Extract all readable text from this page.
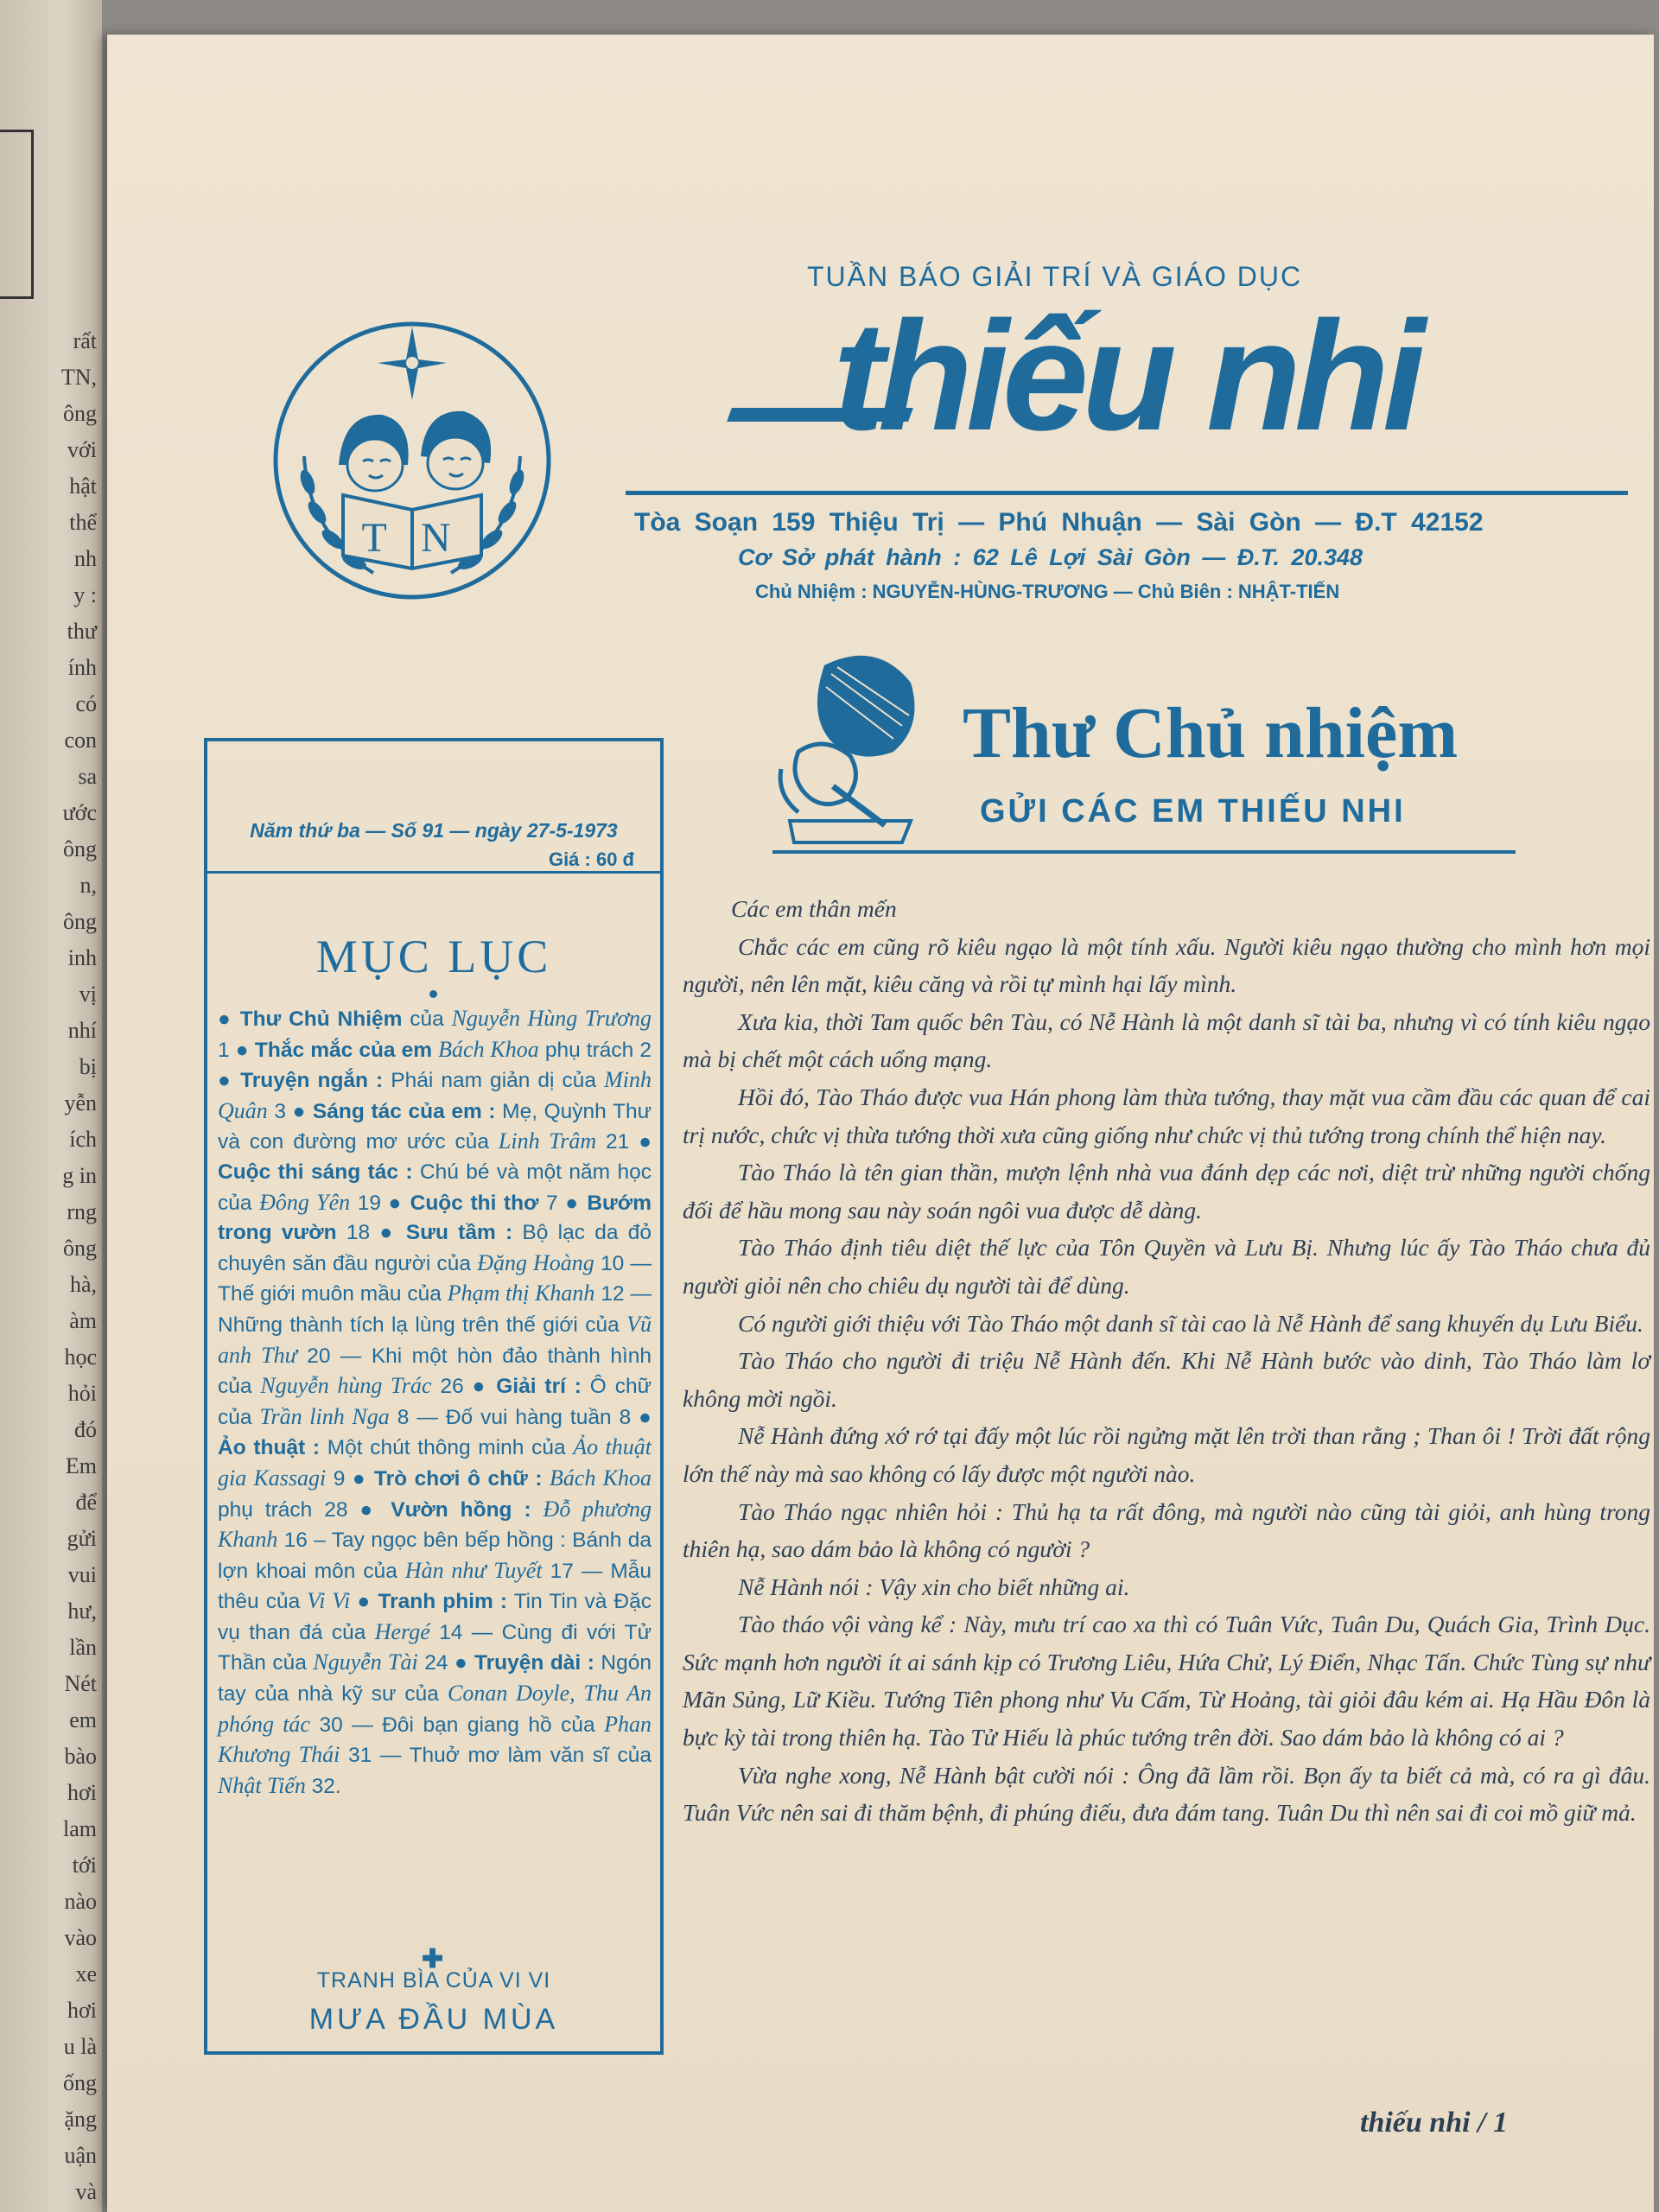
rất
TN,
ông
với
hật
thể
nh
y :
thư
ính
có
con
sa
ước
ông
n,
ông
inh
vị
nhí
bị
yễn
ích
g in
rng
ông
hà,
àm
học
hỏi
đó
Em
để
gửi
vui
hư,
lần
Nét
em
bào
hơi
lam
tới
nào
vào
xe
hơi
u là
ống
ặng
uận
và
T N
TUẦN BÁO GIẢI TRÍ VÀ GIÁO DỤC
thiếu nhi
Tòa Soạn 159 Thiệu Trị — Phú Nhuận — Sài Gòn — Đ.T 42152
Cơ Sở phát hành : 62 Lê Lợi Sài Gòn — Đ.T. 20.348
Chủ Nhiệm : NGUYỄN-HÙNG-TRƯƠNG — Chủ Biên : NHẬT-TIẾN
Thư Chủ nhiệm
GỬI CÁC EM THIẾU NHI
Năm thứ ba — Số 91 — ngày 27-5-1973
Giá : 60 đ
MỤC LỤC
● Thư Chủ Nhiệm của Nguyễn Hùng Trương 1 ● Thắc mắc của em Bách Khoa phụ trách 2 ● Truyện ngắn : Phái nam giản dị của Minh Quân 3 ● Sáng tác của em : Mẹ, Quỳnh Thư và con đường mơ ước của Linh Trâm 21 ● Cuộc thi sáng tác : Chú bé và một năm học của Đông Yên 19 ● Cuộc thi thơ 7 ● Bướm trong vườn 18 ● Sưu tầm : Bộ lạc da đỏ chuyên săn đầu người của Đặng Hoàng 10 — Thế giới muôn mầu của Phạm thị Khanh 12 — Những thành tích lạ lùng trên thế giới của Vũ anh Thư 20 — Khi một hòn đảo thành hình của Nguyễn hùng Trác 26 ● Giải trí : Ô chữ của Trần linh Nga 8 — Đố vui hàng tuần 8 ● Ảo thuật : Một chút thông minh của Ảo thuật gia Kassagi 9 ● Trò chơi ô chữ : Bách Khoa phụ trách 28 ● Vườn hồng : Đỗ phương Khanh 16 – Tay ngọc bên bếp hồng : Bánh da lợn khoai môn của Hàn như Tuyết 17 — Mẫu thêu của Vi Vi ● Tranh phim : Tin Tin và Đặc vụ than đá của Hergé 14 — Cùng đi với Tử Thần của Nguyễn Tài 24 ● Truyện dài : Ngón tay của nhà kỹ sư của Conan Doyle, Thu An phóng tác 30 — Đôi bạn giang hồ của Phan Khương Thái 31 — Thuở mơ làm văn sĩ của Nhật Tiến 32.
✚
TRANH BÌA CỦA VI VI
MƯA ĐẦU MÙA

Các em thân mến

Chắc các em cũng rõ kiêu ngạo là một tính xấu. Người kiêu ngạo thường cho mình hơn mọi người, nên lên mặt, kiêu căng và rồi tự mình hại lấy mình.

Xưa kia, thời Tam quốc bên Tàu, có Nễ Hành là một danh sĩ tài ba, nhưng vì có tính kiêu ngạo mà bị chết một cách uổng mạng.

Hồi đó, Tào Tháo được vua Hán phong làm thừa tướng, thay mặt vua cầm đầu các quan để cai trị nước, chức vị thừa tướng thời xưa cũng giống như chức vị thủ tướng trong chính thể hiện nay.

Tào Tháo là tên gian thần, mượn lệnh nhà vua đánh dẹp các nơi, diệt trừ những người chống đối để hầu mong sau này soán ngôi vua được dễ dàng.

Tào Tháo định tiêu diệt thế lực của Tôn Quyền và Lưu Bị. Nhưng lúc ấy Tào Tháo chưa đủ người giỏi nên cho chiêu dụ người tài để dùng.

Có người giới thiệu với Tào Tháo một danh sĩ tài cao là Nễ Hành để sang khuyến dụ Lưu Biểu.

Tào Tháo cho người đi triệu Nễ Hành đến. Khi Nễ Hành bước vào dinh, Tào Tháo làm lơ không mời ngồi.

Nễ Hành đứng xớ rớ tại đấy một lúc rồi ngửng mặt lên trời than rằng ; Than ôi ! Trời đất rộng lớn thế này mà sao không có lấy được một người nào.

Tào Tháo ngạc nhiên hỏi : Thủ hạ ta rất đông, mà người nào cũng tài giỏi, anh hùng trong thiên hạ, sao dám bảo là không có người ?

Nễ Hành nói : Vậy xin cho biết những ai.

Tào tháo vội vàng kể : Này, mưu trí cao xa thì có Tuân Vức, Tuân Du, Quách Gia, Trình Dục. Sức mạnh hơn người ít ai sánh kịp có Trương Liêu, Hứa Chử, Lý Điển, Nhạc Tấn. Chức Tùng sự như Mãn Sủng, Lữ Kiều. Tướng Tiên phong như Vu Cấm, Từ Hoảng, tài giỏi đâu kém ai. Hạ Hầu Đôn là bực kỳ tài trong thiên hạ. Tào Tử Hiếu là phúc tướng trên đời. Sao dám bảo là không có ai ?

Vừa nghe xong, Nễ Hành bật cười nói : Ông đã lầm rồi. Bọn ấy ta biết cả mà, có ra gì đâu. Tuân Vức nên sai đi thăm bệnh, đi phúng điếu, đưa đám tang. Tuân Du thì nên sai đi coi mồ giữ mả.

thiếu nhi / 1
